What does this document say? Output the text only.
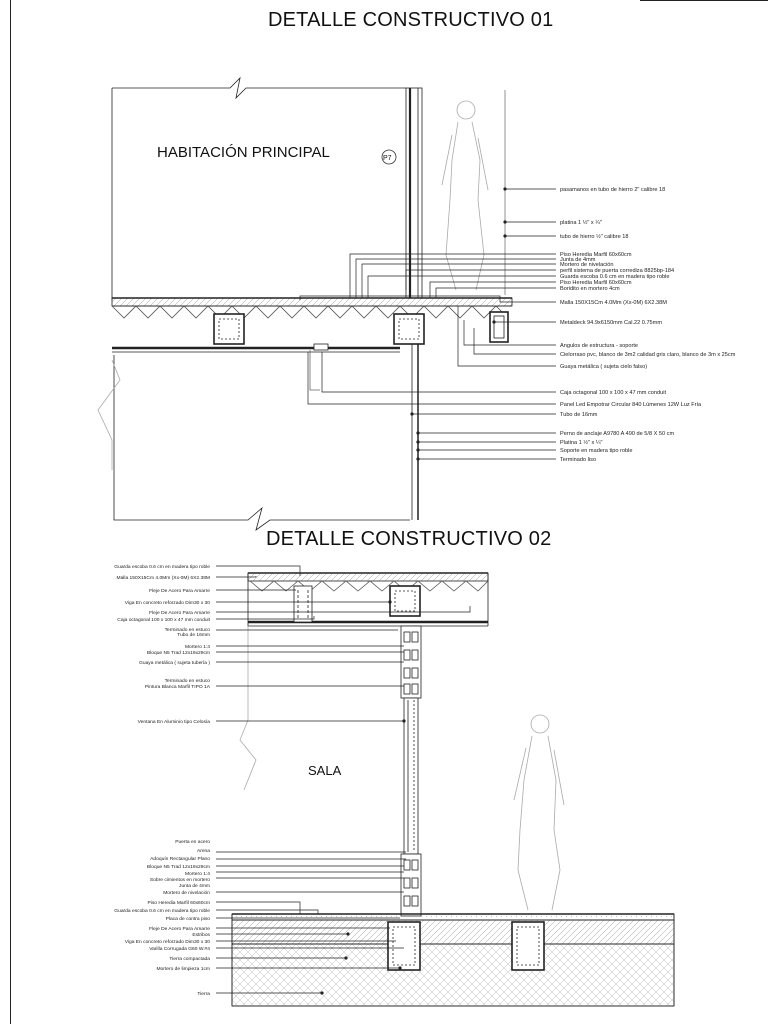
DETALLE CONSTRUCTIVO 01
DETALLE CONSTRUCTIVO 02
HABITACIÓN PRINCIPAL	P7
pasamanos en tubo de hierro 2" calibre 18
platina 1 ½" x ¼"
tubo de hierro ½" calibre 18
Piso Heredia Marfil 60x60cm
Junta de 4mm
Mortero de nivelación
perfil sistema de puerta corrediza 8825bp-184
Guarda escoba 0.6 cm en madera tipo roble
Piso Heredia Marfil 60x60cm
Boridito en mortero 4cm
Malla 150X15Cm 4.0Mm (Xx-0M) 6X2.38M
Metaldeck 94.9x6150mm Cal.22 0.75mm
Angulos de estructura - soporte
Cielorraso pvc, blanco de 3m2 calidad gris claro, blanco de 3m x 25cm
Guaya metálica ( sujeta cielo falso)
Caja octagonal 100 x 100 x 47 mm conduit
Panel Led Empotrar Circular 840 Lúmenes 12W Luz Fría
Tubo de 16mm
Perno de anclaje A9780 A 490 de 5/8 X 50 cm
Platina 1 ½" x ¼"
Soporte en madera tipo roble
Terminado liso
SALA
Guarda escoba 0.6 cm en madera tipo roble
Malla 150X15Cm 4.0Mm (Xx-0M) 6X2.38M
Fleje De Acero Para Amarre
Viga En concreto reforzado Dim30 x 30
Fleje De Acero Para Amarre
Caja octagonal 100 x 100 x 47 mm conduit
Terminado en estuco
Tubo de 16mm
Mortero 1:4
Bloque N5 Trad 12x19x29cm
Guaya metálica ( sujeta tubería )
Terminado en estuco
Pintura Blanca Marfil TIPO 1A
Ventana En Aluminio tipo Celosía
Puerta en acero
Arena
Adoquín Rectangular Plano
Bloque N5 Trad 12x19x29cm
Mortero 1:4
Sobre cimientos en mortero
Junta de 4mm
Mortero de nivelación
Piso Heredia Marfil 60x60cm
Guarda escoba 0.6 cm en madera tipo roble
Placa de contra piso
Fleje De Acero Para Amarre
Estribos
Viga En concreto reforzado Dim30 x 30
Varilla Corrugada G60 W.#4
Tierra compactada
Mortero de limpieza 1cm
Tierra
